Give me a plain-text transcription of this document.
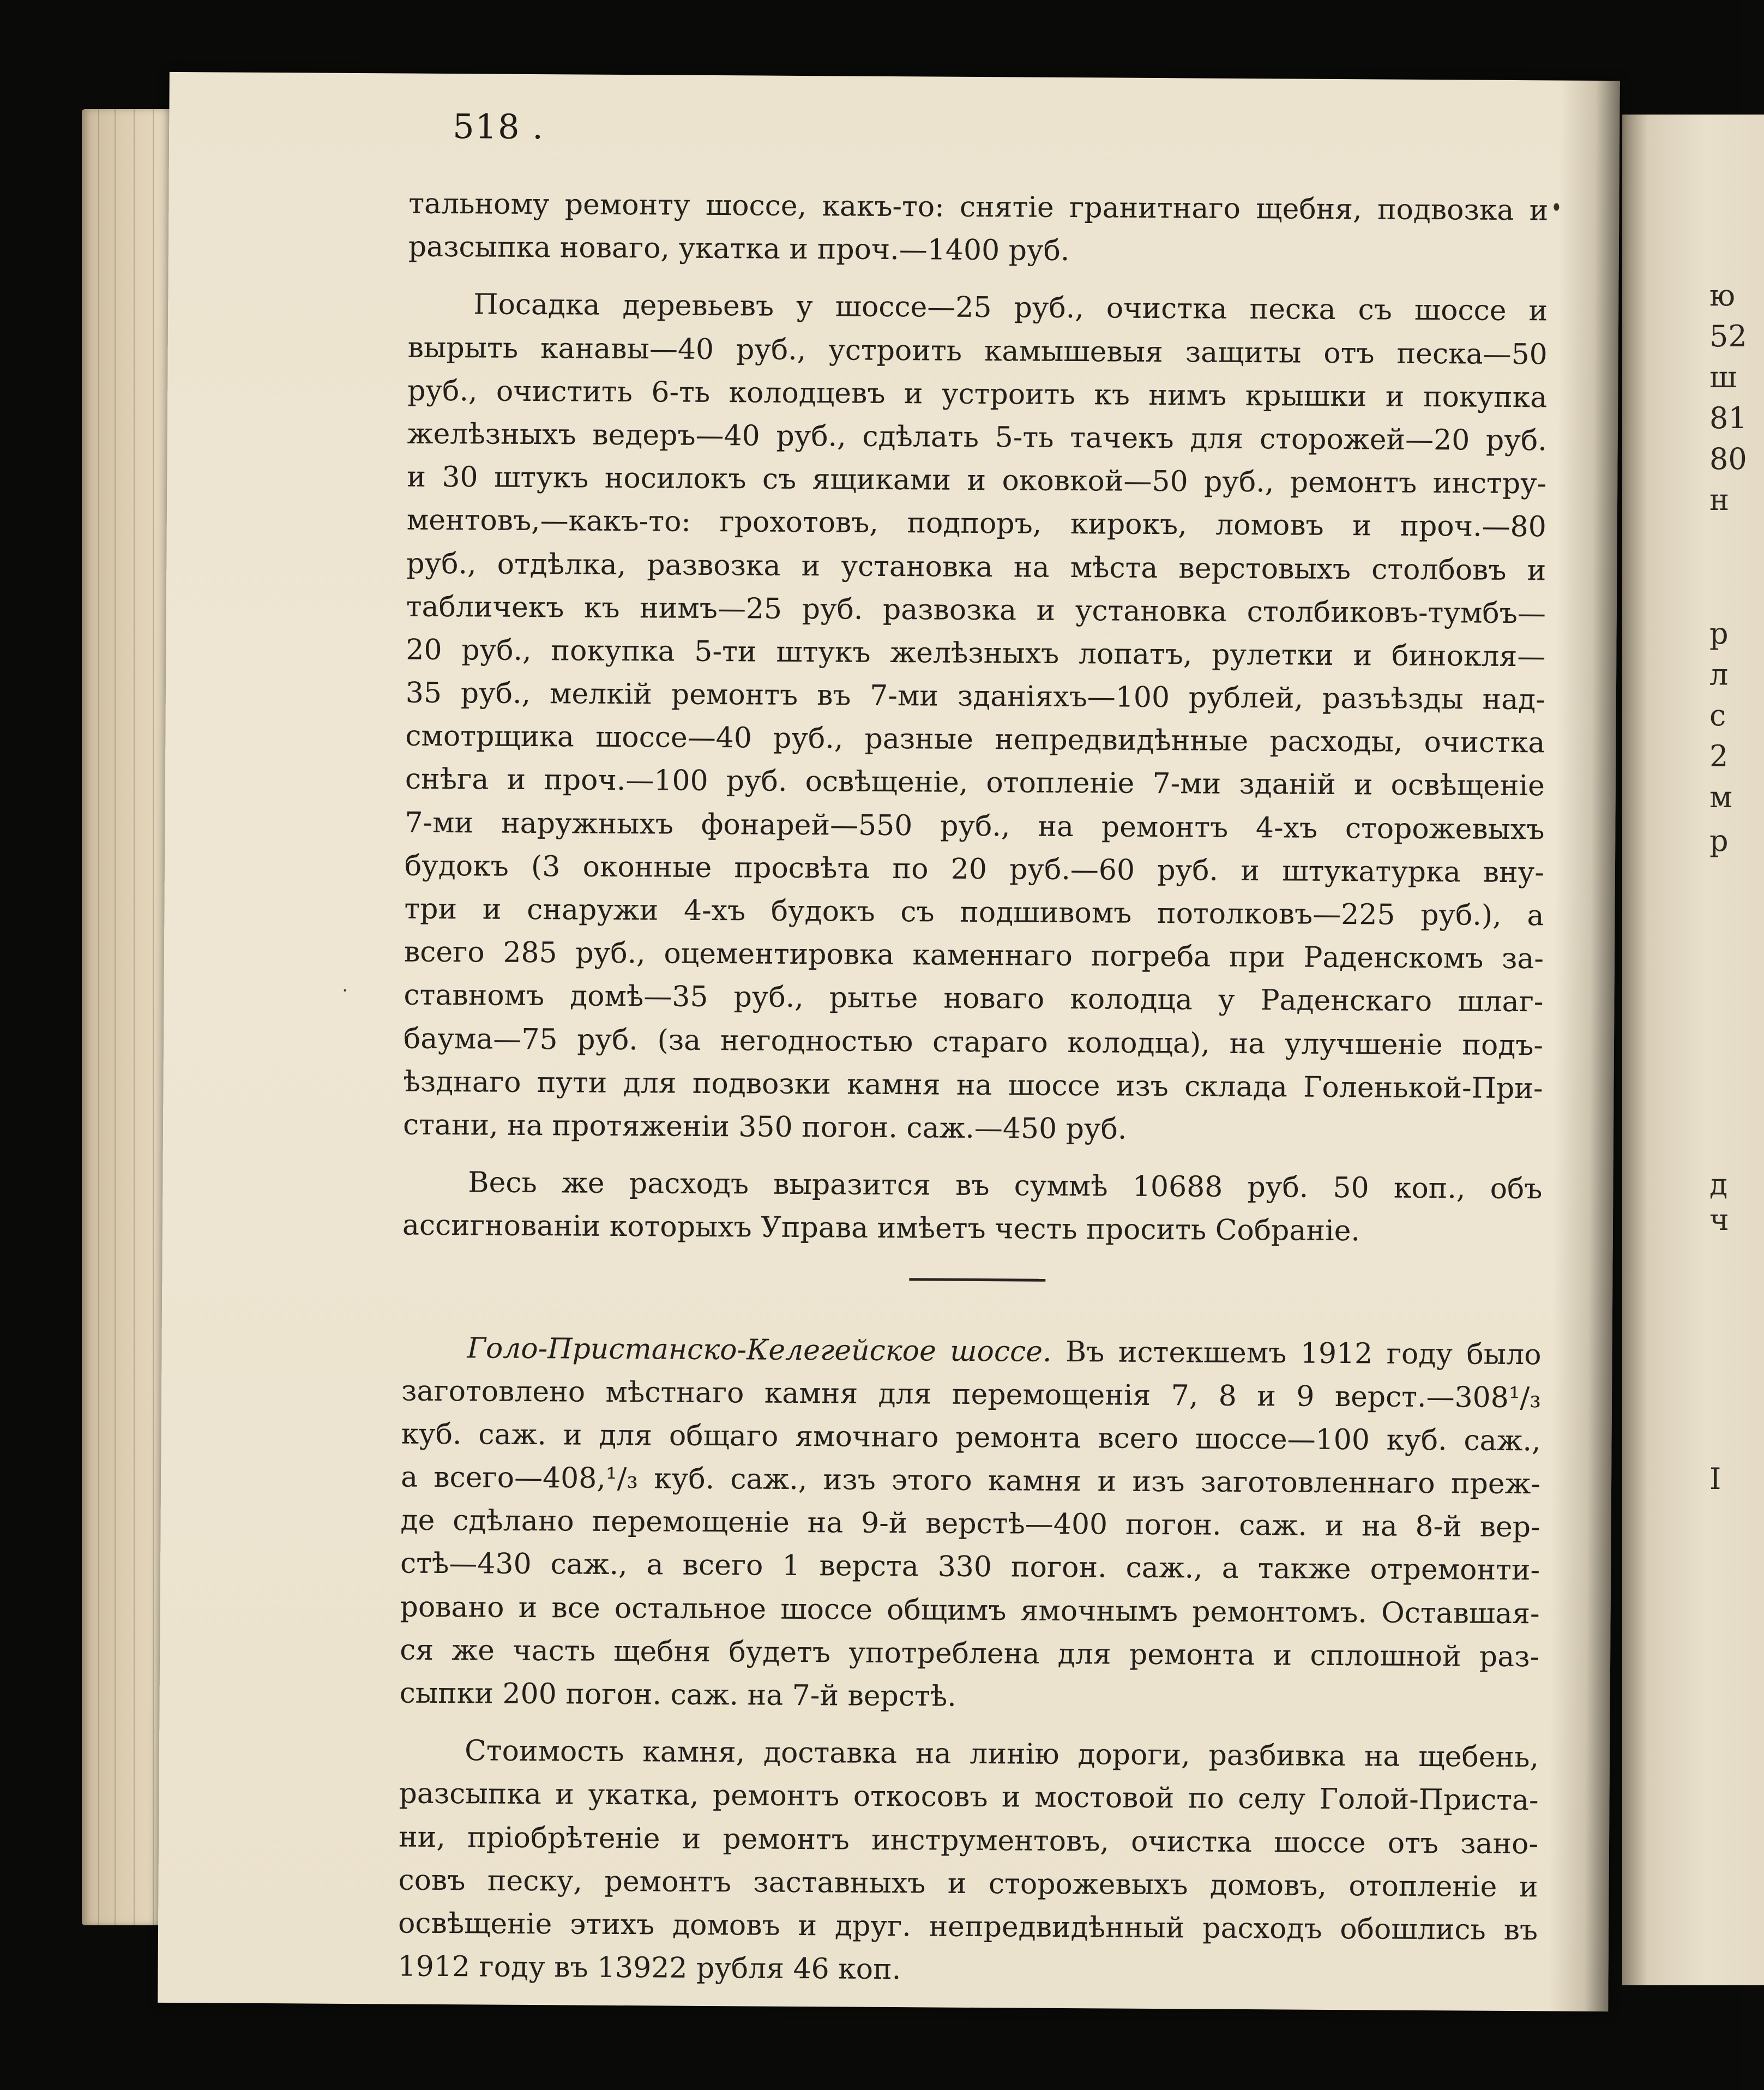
ю
52
ш
81
80
н
р
л
с
2
м
р
д
ч
I
518 .
тальному ремонту шоссе, какъ-то: снятіе гранитнаго щебня, подвозка и
разсыпка новаго, укатка и проч.—1400 руб.
Посадка деревьевъ у шоссе—25 руб., очистка песка съ шоссе и
вырыть канавы—40 руб., устроить камышевыя защиты отъ песка—50
руб., очистить 6-ть колодцевъ и устроить къ нимъ крышки и покупка
желѣзныхъ ведеръ—40 руб., сдѣлать 5-ть тачекъ для сторожей—20 руб.
и 30 штукъ носилокъ съ ящиками и оковкой—50 руб., ремонтъ инстру-
ментовъ,—какъ-то: грохотовъ, подпоръ, кирокъ, ломовъ и проч.—80
руб., отдѣлка, развозка и установка на мѣста верстовыхъ столбовъ и
табличекъ къ нимъ—25 руб. развозка и установка столбиковъ-тумбъ—
20 руб., покупка 5-ти штукъ желѣзныхъ лопатъ, рулетки и бинокля—
35 руб., мелкій ремонтъ въ 7-ми зданіяхъ—100 рублей, разъѣзды над-
смотрщика шоссе—40 руб., разные непредвидѣнные расходы, очистка
снѣга и проч.—100 руб. освѣщеніе, отопленіе 7-ми зданій и освѣщеніе
7-ми наружныхъ фонарей—550 руб., на ремонтъ 4-хъ сторожевыхъ
будокъ (3 оконные просвѣта по 20 руб.—60 руб. и штукатурка вну-
три и снаружи 4-хъ будокъ съ подшивомъ потолковъ—225 руб.), а
всего 285 руб., оцементировка каменнаго погреба при Раденскомъ за-
ставномъ домѣ—35 руб., рытье новаго колодца у Раденскаго шлаг-
баума—75 руб. (за негодностью стараго колодца), на улучшеніе подъ-
ѣзднаго пути для подвозки камня на шоссе изъ склада Голенькой-При-
стани, на протяженіи 350 погон. саж.—450 руб.
Весь же расходъ выразится въ суммѣ 10688 руб. 50 коп., объ
ассигнованіи которыхъ Управа имѣетъ честь просить Собраніе.
Голо-Пристанско-Келегейское шоссе. Въ истекшемъ 1912 году было
заготовлено мѣстнаго камня для перемощенія 7, 8 и 9 верст.—308¹/₃
куб. саж. и для общаго ямочнаго ремонта всего шоссе—100 куб. саж.,
а всего—408,¹/₃ куб. саж., изъ этого камня и изъ заготовленнаго преж-
де сдѣлано перемощеніе на 9-й верстѣ—400 погон. саж. и на 8-й вер-
стѣ—430 саж., а всего 1 верста 330 погон. саж., а также отремонти-
ровано и все остальное шоссе общимъ ямочнымъ ремонтомъ. Оставшая-
ся же часть щебня будетъ употреблена для ремонта и сплошной раз-
сыпки 200 погон. саж. на 7-й верстѣ.
Стоимость камня, доставка на линію дороги, разбивка на щебень,
разсыпка и укатка, ремонтъ откосовъ и мостовой по селу Голой-Приста-
ни, пріобрѣтеніе и ремонтъ инструментовъ, очистка шоссе отъ зано-
совъ песку, ремонтъ заставныхъ и сторожевыхъ домовъ, отопленіе и
освѣщеніе этихъ домовъ и друг. непредвидѣнный расходъ обошлись въ
1912 году въ 13922 рубля 46 коп.
